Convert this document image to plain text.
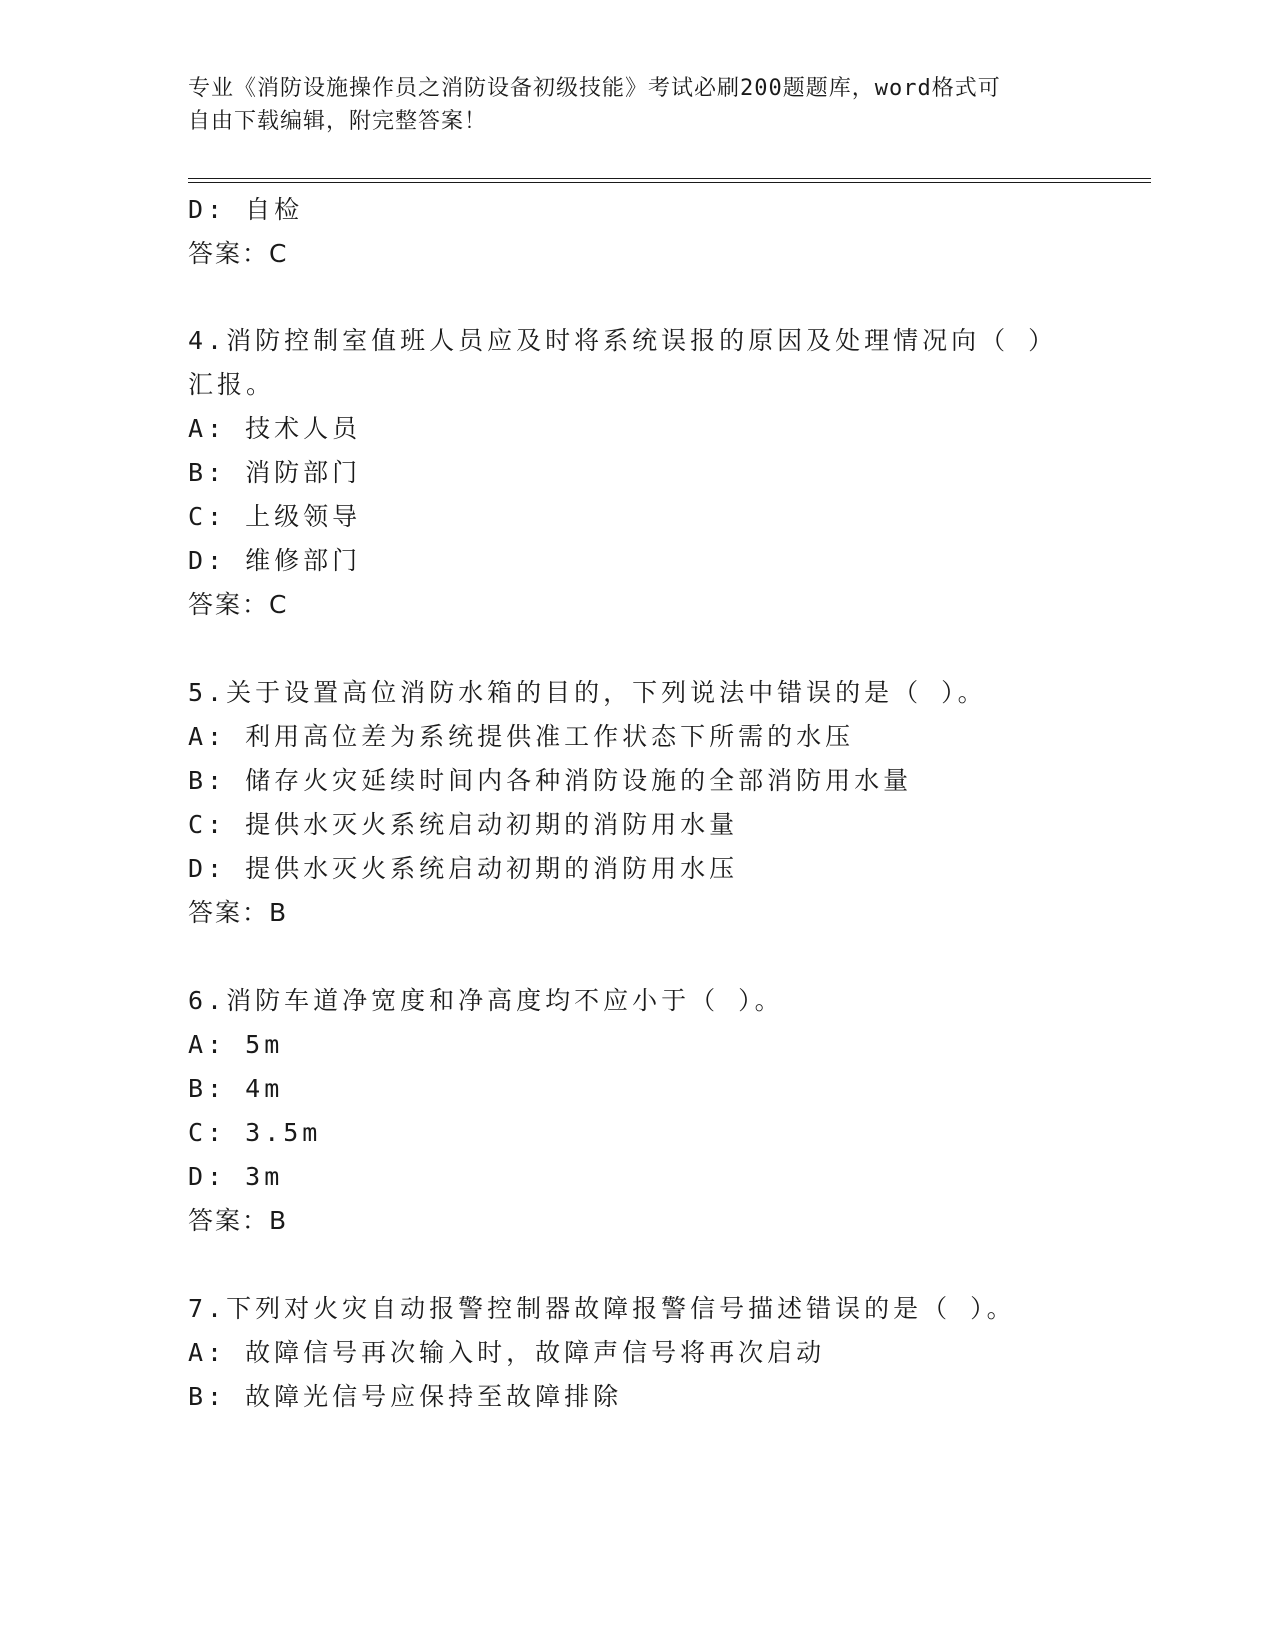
专业《消防设施操作员之消防设备初级技能》考试必刷200题题库，word格式可
自由下载编辑，附完整答案！
D: 自检
答案：C
4.消防控制室值班人员应及时将系统误报的原因及处理情况向（ ）
汇报。
A: 技术人员
B: 消防部门
C: 上级领导
D: 维修部门
答案：C
5.关于设置高位消防水箱的目的，下列说法中错误的是（ ）。
A: 利用高位差为系统提供准工作状态下所需的水压
B: 储存火灾延续时间内各种消防设施的全部消防用水量
C: 提供水灭火系统启动初期的消防用水量
D: 提供水灭火系统启动初期的消防用水压
答案：B
6.消防车道净宽度和净高度均不应小于（ ）。
A: 5m
B: 4m
C: 3.5m
D: 3m
答案：B
7.下列对火灾自动报警控制器故障报警信号描述错误的是（ ）。
A: 故障信号再次输入时，故障声信号将再次启动
B: 故障光信号应保持至故障排除
